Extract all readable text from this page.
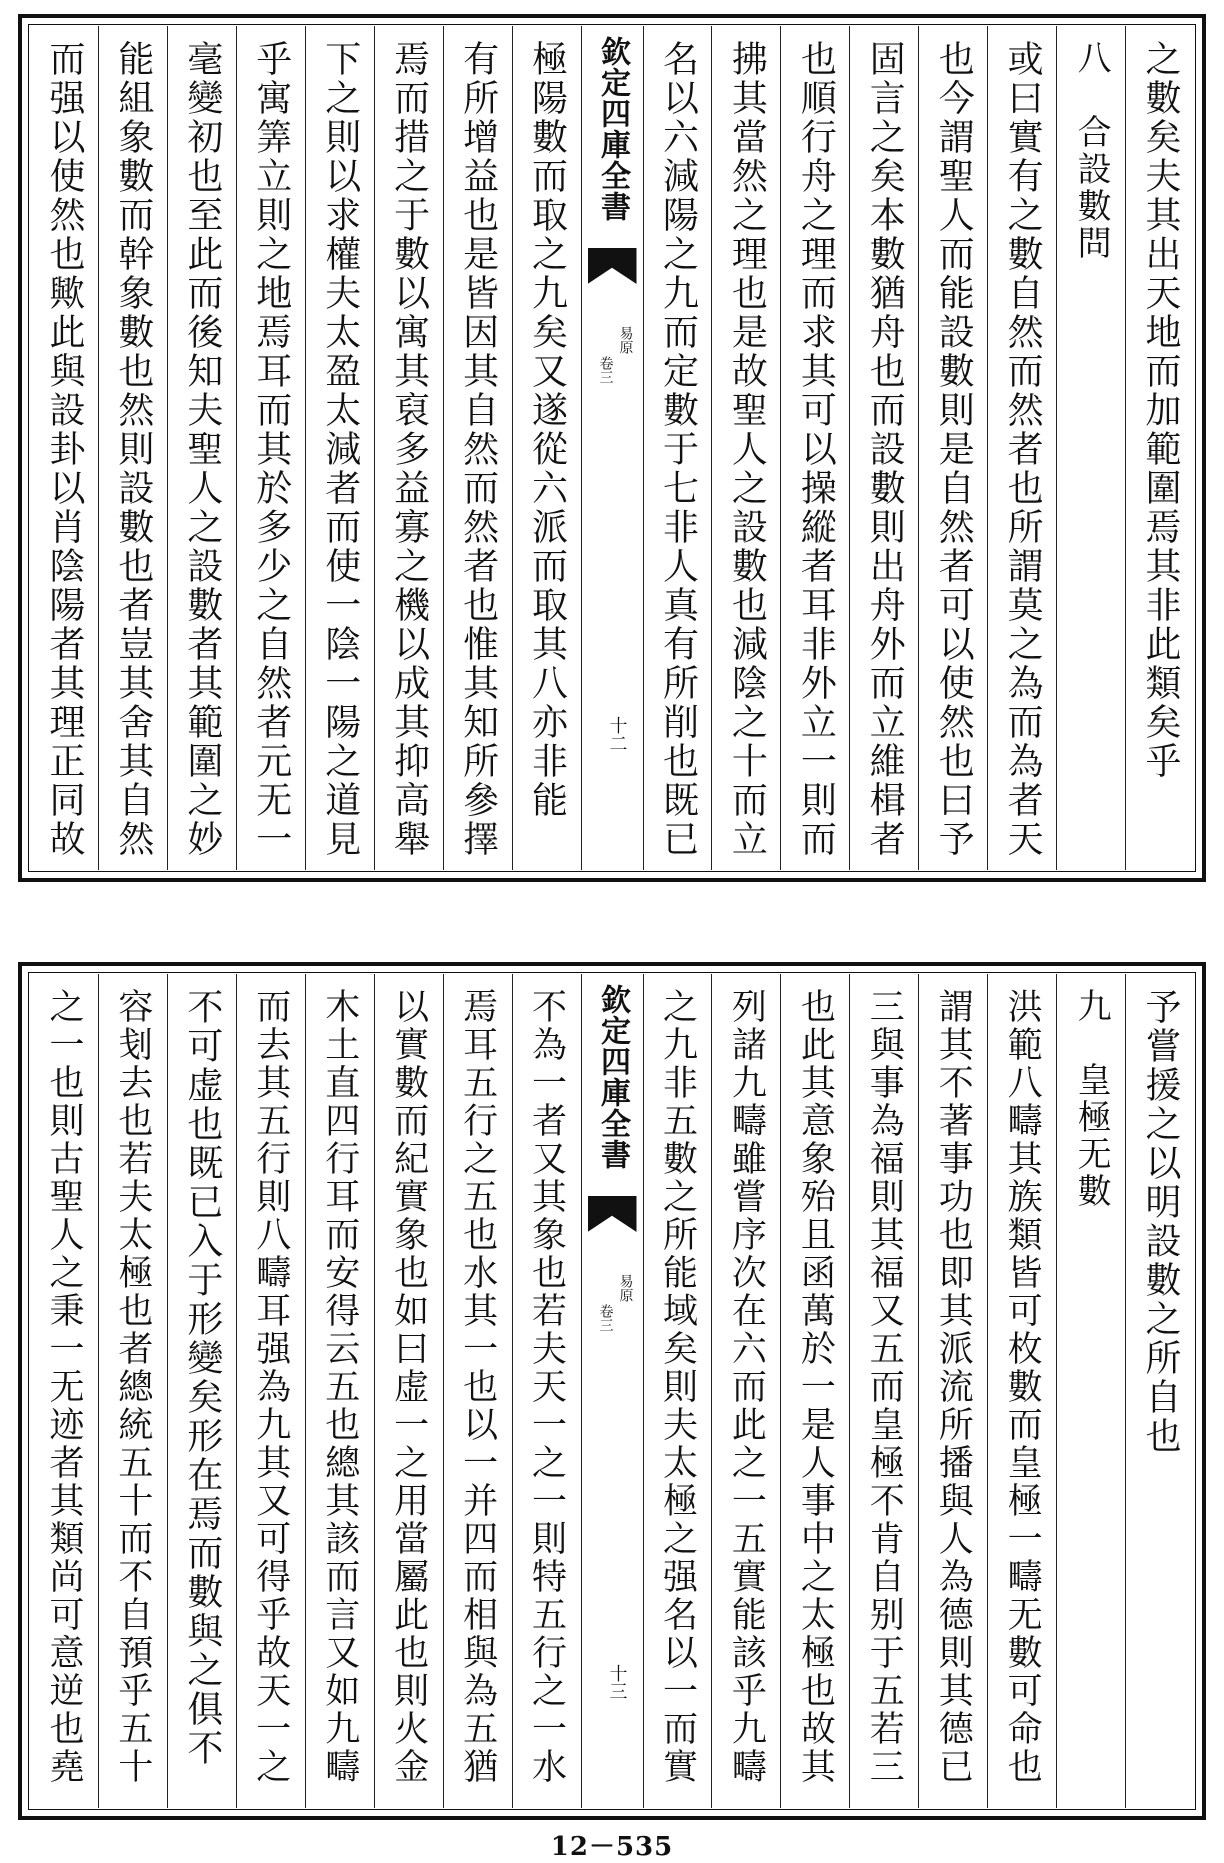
之數矣夫其出天地而加範圍焉其非此類矣乎
八　合設數問
或曰實有之數自然而然者也所謂莫之為而為者天
也今謂聖人而能設數則是自然者可以使然也曰予
固言之矣本數猶舟也而設數則出舟外而立維楫者
也順行舟之理而求其可以操縱者耳非外立一則而
拂其當然之理也是故聖人之設數也減陰之十而立
名以六減陽之九而定數于七非人真有所削也既已
欽定四庫全書
易原
卷三
十二
極陽數而取之九矣又遂從六派而取其八亦非能
有所增益也是皆因其自然而然者也惟其知所參擇
焉而措之于數以寓其裒多益寡之機以成其抑高舉
下之則以求權夫太盈太減者而使一陰一陽之道見
乎寓筭立則之地焉耳而其於多少之自然者元无一
毫變初也至此而後知夫聖人之設數者其範圍之妙
能組象數而幹象數也然則設數也者豈其舍其自然
而强以使然也歟此與設卦以肖陰陽者其理正同故
予嘗援之以明設數之所自也
九　皇極无數
洪範八疇其族類皆可枚數而皇極一疇无數可命也
謂其不著事功也即其派流所播與人為德則其德已
三與事為福則其福又五而皇極不肯自别于五若三
也此其意象殆且函萬於一是人事中之太極也故其
列諸九疇雖嘗序次在六而此之一五實能該乎九疇
之九非五數之所能域矣則夫太極之强名以一而實
欽定四庫全書
易原
卷三
十三
不為一者又其象也若夫天一之一則特五行之一水
焉耳五行之五也水其一也以一并四而相與為五猶
以實數而紀實象也如曰虚一之用當屬此也則火金
木土直四行耳而安得云五也總其該而言又如九疇
而去其五行則八疇耳强為九其又可得乎故天一之
不可虚也既已入于形變矣形在焉而數與之俱不
容刬去也若夫太極也者總統五十而不自預乎五十
之一也則古聖人之秉一无迹者其類尚可意逆也堯
12－535
